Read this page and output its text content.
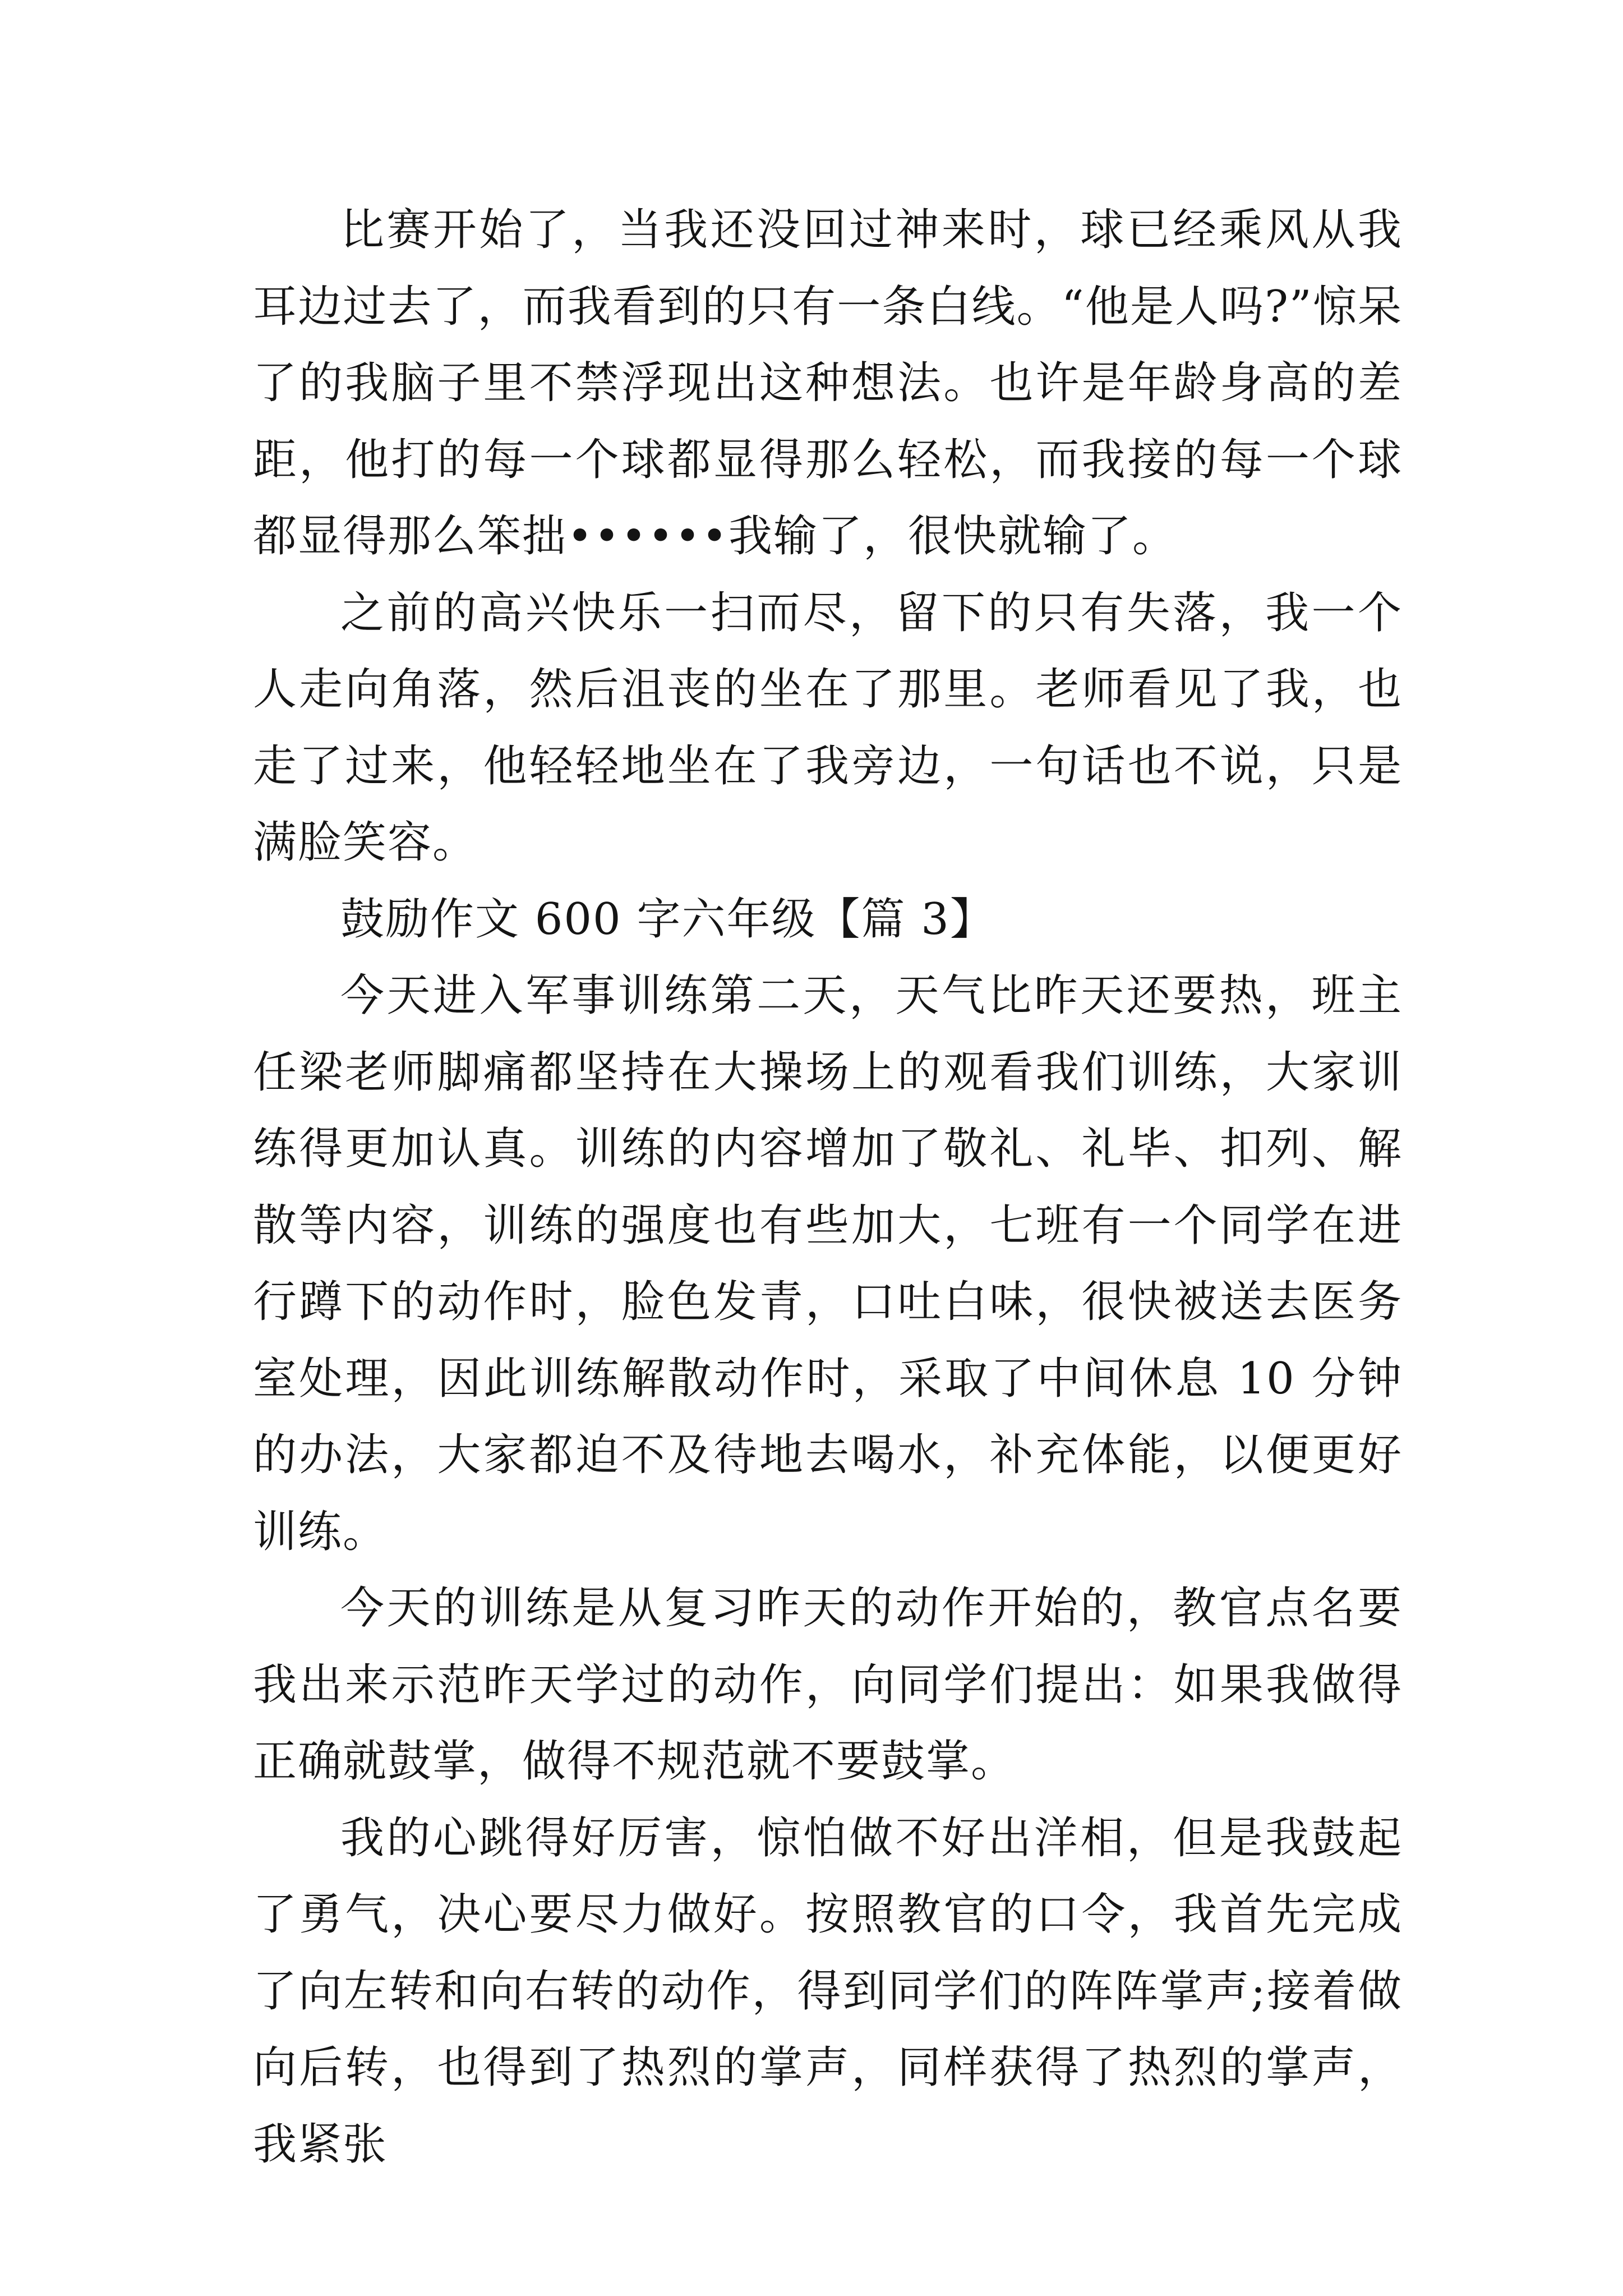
比赛开始了，当我还没回过神来时，球已经乘风从我耳边过去了，而我看到的只有一条白线。“他是人吗?”惊呆了的我脑子里不禁浮现出这种想法。也许是年龄身高的差距，他打的每一个球都显得那么轻松，而我接的每一个球都显得那么笨拙••••••我输了，很快就输了。

之前的高兴快乐一扫而尽，留下的只有失落，我一个人走向角落，然后沮丧的坐在了那里。老师看见了我，也走了过来，他轻轻地坐在了我旁边，一句话也不说，只是满脸笑容。

鼓励作文 600 字六年级【篇 3】

今天进入军事训练第二天，天气比昨天还要热，班主任梁老师脚痛都坚持在大操场上的观看我们训练，大家训练得更加认真。训练的内容增加了敬礼、礼毕、扣列、解散等内容，训练的强度也有些加大，七班有一个同学在进行蹲下的动作时，脸色发青，口吐白味，很快被送去医务室处理，因此训练解散动作时，采取了中间休息 10 分钟的办法，大家都迫不及待地去喝水，补充体能，以便更好训练。

今天的训练是从复习昨天的动作开始的，教官点名要我出来示范昨天学过的动作，向同学们提出：如果我做得正确就鼓掌，做得不规范就不要鼓掌。

我的心跳得好厉害，惊怕做不好出洋相，但是我鼓起了勇气，决心要尽力做好。按照教官的口令，我首先完成了向左转和向右转的动作，得到同学们的阵阵掌声;接着做向后转，也得到了热烈的掌声，同样获得了热烈的掌声，我紧张
